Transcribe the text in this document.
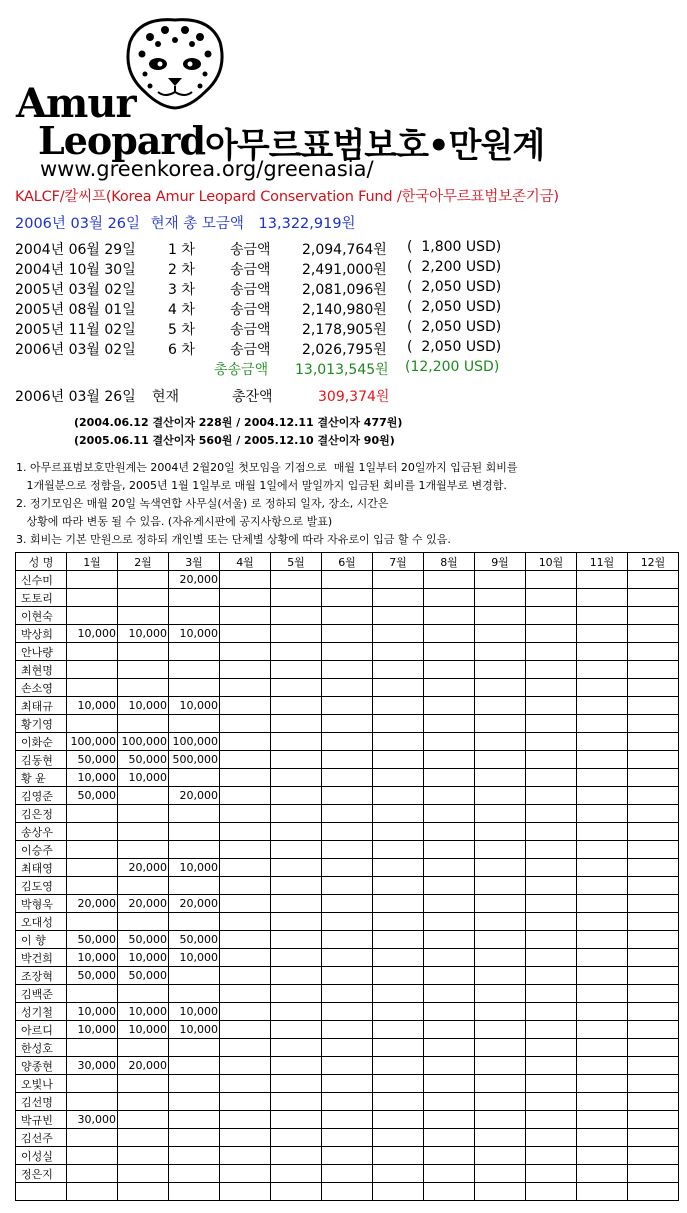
Amur
Leopard 아무르표범보호•만원계
www.greenkorea.org/greenasia/
KALCF/칼씨프(Korea Amur Leopard Conservation Fund /한국아무르표범보존기금)
2006년 03월 26일 현재 총 모금액 13,322,919원
2004년 06월 29일 1 차	송금액 2,094,764원 (  1,800 USD)
2004년 10월 30일 2 차	송금액 2,491,000원 (  2,200 USD)
2005년 03월 02일 3 차	송금액 2,081,096원 (  2,050 USD)
2005년 08월 01일 4 차	송금액 2,140,980원 (  2,050 USD)
2005년 11월 02일 5 차	송금액 2,178,905원 (  2,050 USD)
2006년 03월 02일 6 차	송금액 2,026,795원 (  2,050 USD)
총송금액 13,013,545원 (12,200 USD)
2006년 03월 26일 현재	총잔액	309,374원
(2004.06.12 결산이자 228원 / 2004.12.11 결산이자 477원)
(2005.06.11 결산이자 560원 / 2005.12.10 결산이자 90원)
1. 아무르표범보호만원계는 2004년 2월20일 첫모임을 기점으로  매월 1일부터 20일까지 입금된 회비를
1개월분으로 정함을, 2005년 1월 1일부로 매월 1일에서 말일까지 입금된 회비를 1개월부로 변경함.
2. 정기모임은 매월 20일 녹색연합 사무실(서울) 로 정하되 일자, 장소, 시간은
상황에 따라 변동 될 수 있음. (자유게시판에 공지사항으로 발표)
3. 회비는 기본 만원으로 정하되 개인별 또는 단체별 상황에 따라 자유로이 입금 할 수 있음.
성 명	1월	2월	3월	4월	5월	6월	7월	8월	9월	10월	11월	12월
신수미			20,000									
도토리												
이현숙												
박상희	10,000	10,000	10,000									
안나량												
최현명												
손소영												
최태규	10,000	10,000	10,000									
황기영												
이화순	100,000	100,000	100,000									
김동현	50,000	50,000	500,000									
황 윤	10,000	10,000										
김영준	50,000		20,000									
김은정												
송상우												
이승주												
최태영		20,000	10,000									
김도영												
박형욱	20,000	20,000	20,000									
오대성												
이 향	50,000	50,000	50,000									
박건희	10,000	10,000	10,000									
조장혁	50,000	50,000										
김백준												
성기철	10,000	10,000	10,000									
아르디	10,000	10,000	10,000									
한성호												
양종현	30,000	20,000										
오빛나												
김선명												
박규빈	30,000											
김선주												
이성실												
정은지												
